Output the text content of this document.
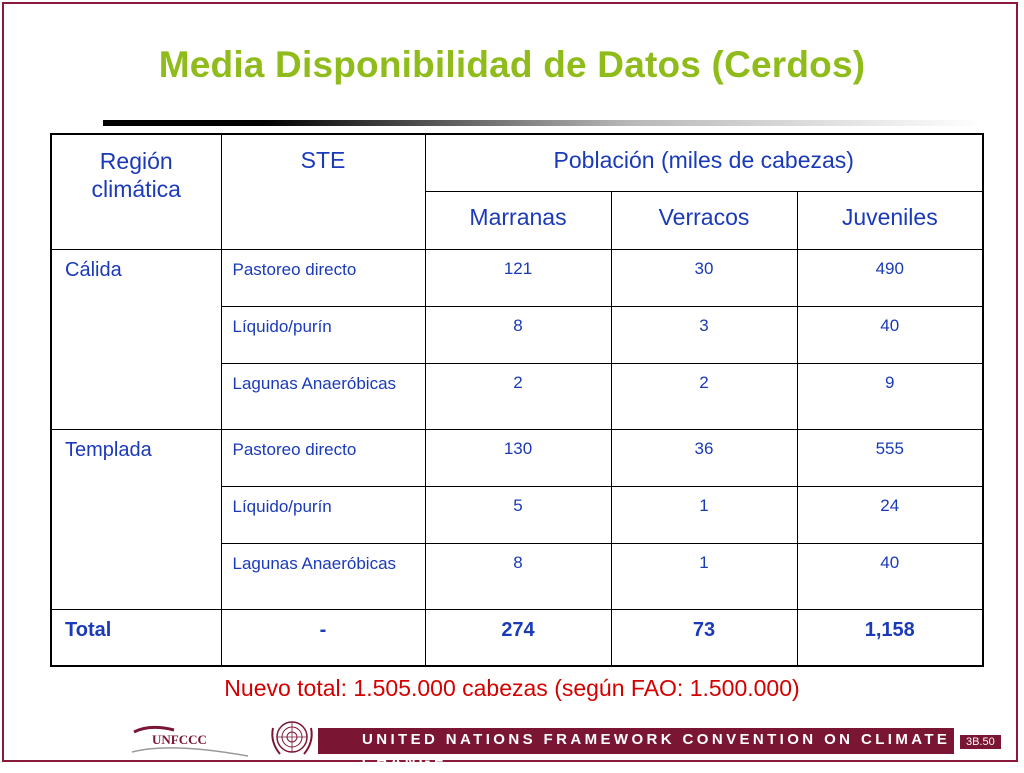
Media Disponibilidad de Datos (Cerdos)
Región climática	STE	Población (miles de cabezas)		
		Marranas	Verracos	Juveniles
Cálida	Pastoreo directo	121	30	490
	Líquido/purín	8	3	40
	Lagunas Anaeróbicas	2	2	9
Templada	Pastoreo directo	130	36	555
	Líquido/purín	5	1	24
	Lagunas Anaeróbicas	8	1	40
Total	-	274	73	1,158
Nuevo total: 1.505.000 cabezas (según FAO: 1.500.000)
UNFCCC	UNITED NATIONS FRAMEWORK CONVENTION ON CLIMATE CHANGE
3B.50
